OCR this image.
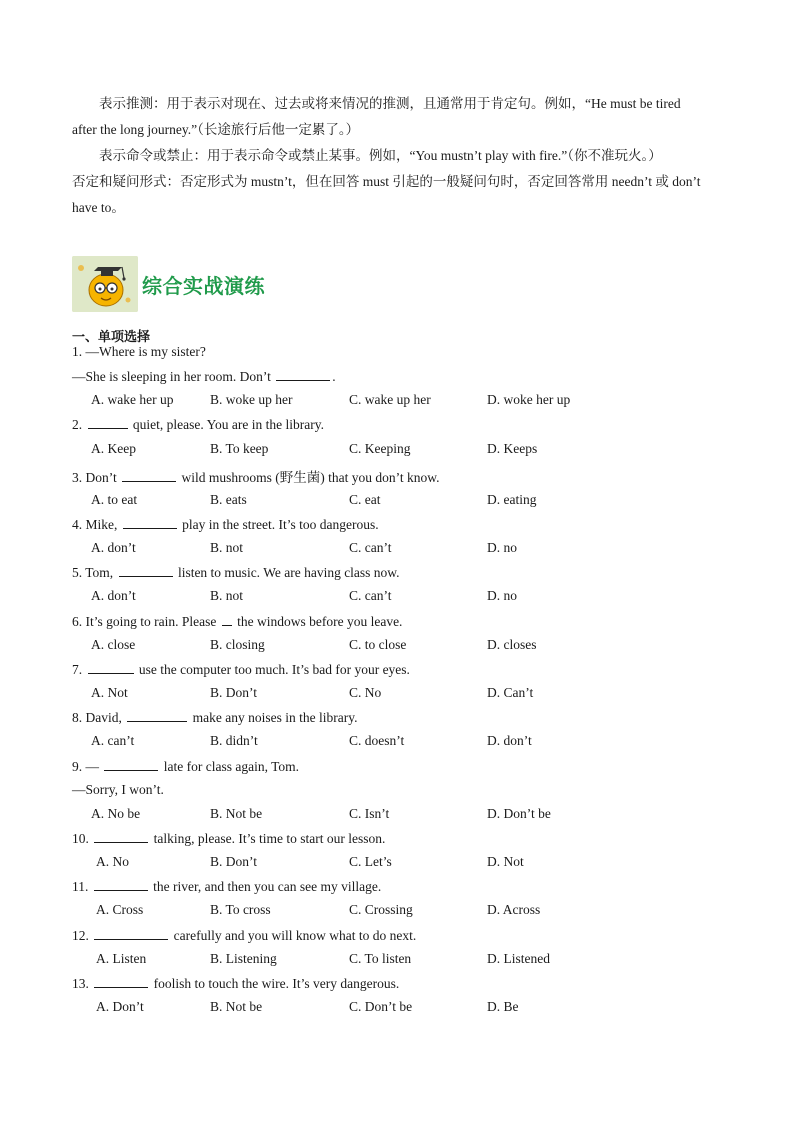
表示推测：用于表示对现在、过去或将来情况的推测，且通常用于肯定句。例如，“He must be tired

after the long journey.”（长途旅行后他一定累了。）

表示命令或禁止：用于表示命令或禁止某事。例如，“You mustn’t play with fire.”（你不准玩火。）

否定和疑问形式：否定形式为 mustn’t，但在回答 must 引起的一般疑问句时，否定回答常用 needn’t 或 don’t

have to。

综合实战演练
一、单项选择
1. —Where is my sister?
—She is sleeping in her room. Don’t	.
A. wake her up	B. woke up her	C. wake up her	D. woke her up
2.	quiet, please. You are in the library.
A. Keep	B. To keep	C. Keeping	D. Keeps
3. Don’t	wild mushrooms (野生菌) that you don’t know.
A. to eat	B. eats	C. eat	D. eating
4. Mike,	play in the street. It’s too dangerous.
A. don’t	B. not	C. can’t	D. no
5. Tom,	listen to music. We are having class now.
A. don’t	B. not	C. can’t	D. no
6. It’s going to rain. Please the windows before you leave.
A. close	B. closing	C. to close	D. closes
7.	use the computer too much. It’s bad for your eyes.
A. Not	B. Don’t	C. No	D. Can’t
8. David,	make any noises in the library.
A. can’t	B. didn’t	C. doesn’t	D. don’t
9. —	late for class again, Tom.
—Sorry, I won’t.
A. No be	B. Not be	C. Isn’t	D. Don’t be
10.	talking, please. It’s time to start our lesson.
A. No	B. Don’t	C. Let’s	D. Not
11.	the river, and then you can see my village.
A. Cross	B. To cross	C. Crossing	D. Across
12.	carefully and you will know what to do next.
A. Listen	B. Listening	C. To listen	D. Listened
13.	foolish to touch the wire. It’s very dangerous.
A. Don’t	B. Not be	C. Don’t be	D. Be
